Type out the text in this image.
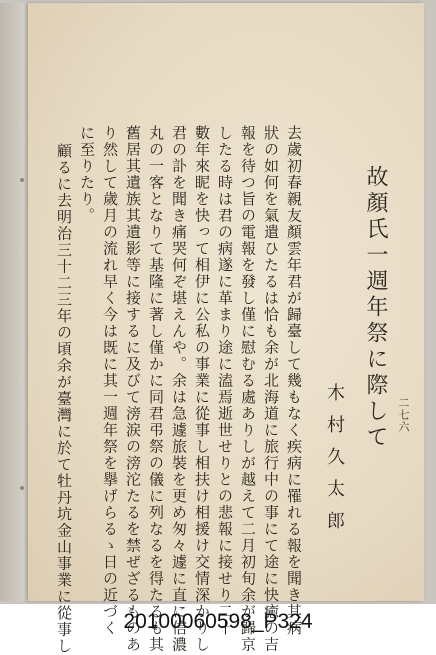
二七六
故顏氏一週年祭に際して
木村久太郎
去歲初春親友顏雲年君が歸臺して幾もなく疾病に罹れる報を聞き其病
狀の如何を氣遣ひたるは恰も余が北海道に旅行中の事にて途に快癒の吉
報を待つ旨の電報を發し僅に慰むる處ありしが越えて二月初旬余が歸京
したる時は君の病遂に革まり途に溘焉逝世せりとの悲報に接せり二十
數年來眤を快って相伊に公私の事業に從事し相扶け相援け交情深かりし
君の訃を聞き痛哭何ぞ堪えんや。余は急遽旅裝を更め匆々遽に直に信濃
丸の一客となりて基隆に著し僅かに同君弔祭の儀に列なるを得たるも其
舊居其遺族其遺影等に接するに及びて滂涙の滂沱たるを禁ぜざるものあ
り然して歲月の流れ早く今は既に其一週年祭を擧げらるゝ日の近づく
に至りたり。
顧るに去明治三十二三年の頃余が臺灣に於て牡丹坑金山事業に從事し	20100060598_P324
